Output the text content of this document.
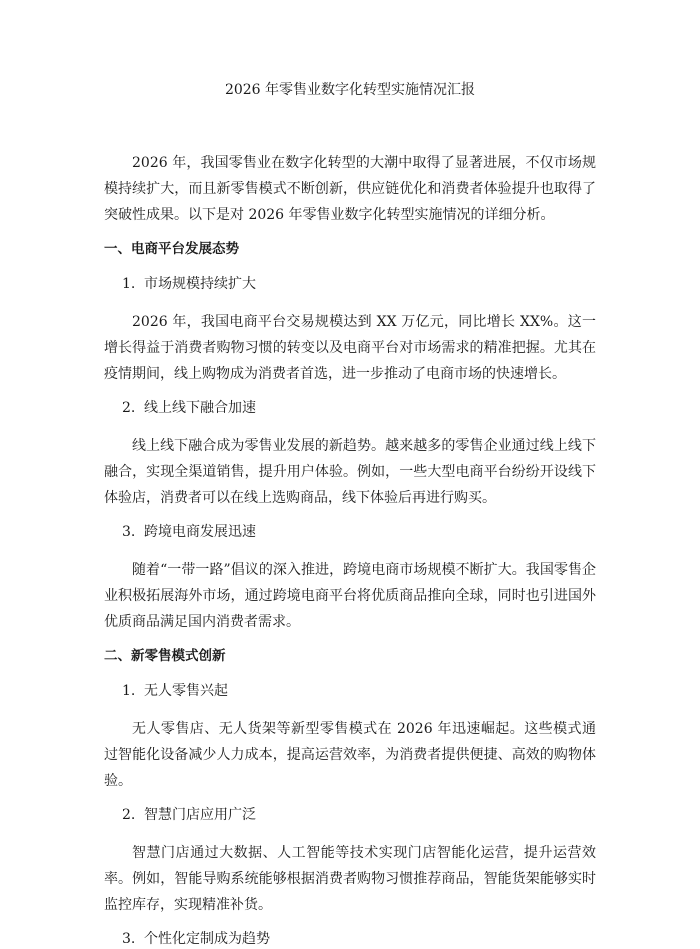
2026 年零售业数字化转型实施情况汇报

2026 年，我国零售业在数字化转型的大潮中取得了显著进展，不仅市场规模持续扩大，而且新零售模式不断创新，供应链优化和消费者体验提升也取得了突破性成果。以下是对 2026 年零售业数字化转型实施情况的详细分析。

一、电商平台发展态势
1. 市场规模持续扩大

2026 年，我国电商平台交易规模达到 XX 万亿元，同比增长 XX%。这一增长得益于消费者购物习惯的转变以及电商平台对市场需求的精准把握。尤其在疫情期间，线上购物成为消费者首选，进一步推动了电商市场的快速增长。

2. 线上线下融合加速

线上线下融合成为零售业发展的新趋势。越来越多的零售企业通过线上线下融合，实现全渠道销售，提升用户体验。例如，一些大型电商平台纷纷开设线下体验店，消费者可以在线上选购商品，线下体验后再进行购买。

3. 跨境电商发展迅速

随着“一带一路”倡议的深入推进，跨境电商市场规模不断扩大。我国零售企业积极拓展海外市场，通过跨境电商平台将优质商品推向全球，同时也引进国外优质商品满足国内消费者需求。

二、新零售模式创新
1. 无人零售兴起

无人零售店、无人货架等新型零售模式在 2026 年迅速崛起。这些模式通过智能化设备减少人力成本，提高运营效率，为消费者提供便捷、高效的购物体验。

2. 智慧门店应用广泛

智慧门店通过大数据、人工智能等技术实现门店智能化运营，提升运营效率。例如，智能导购系统能够根据消费者购物习惯推荐商品，智能货架能够实时监控库存，实现精准补货。

3. 个性化定制成为趋势
